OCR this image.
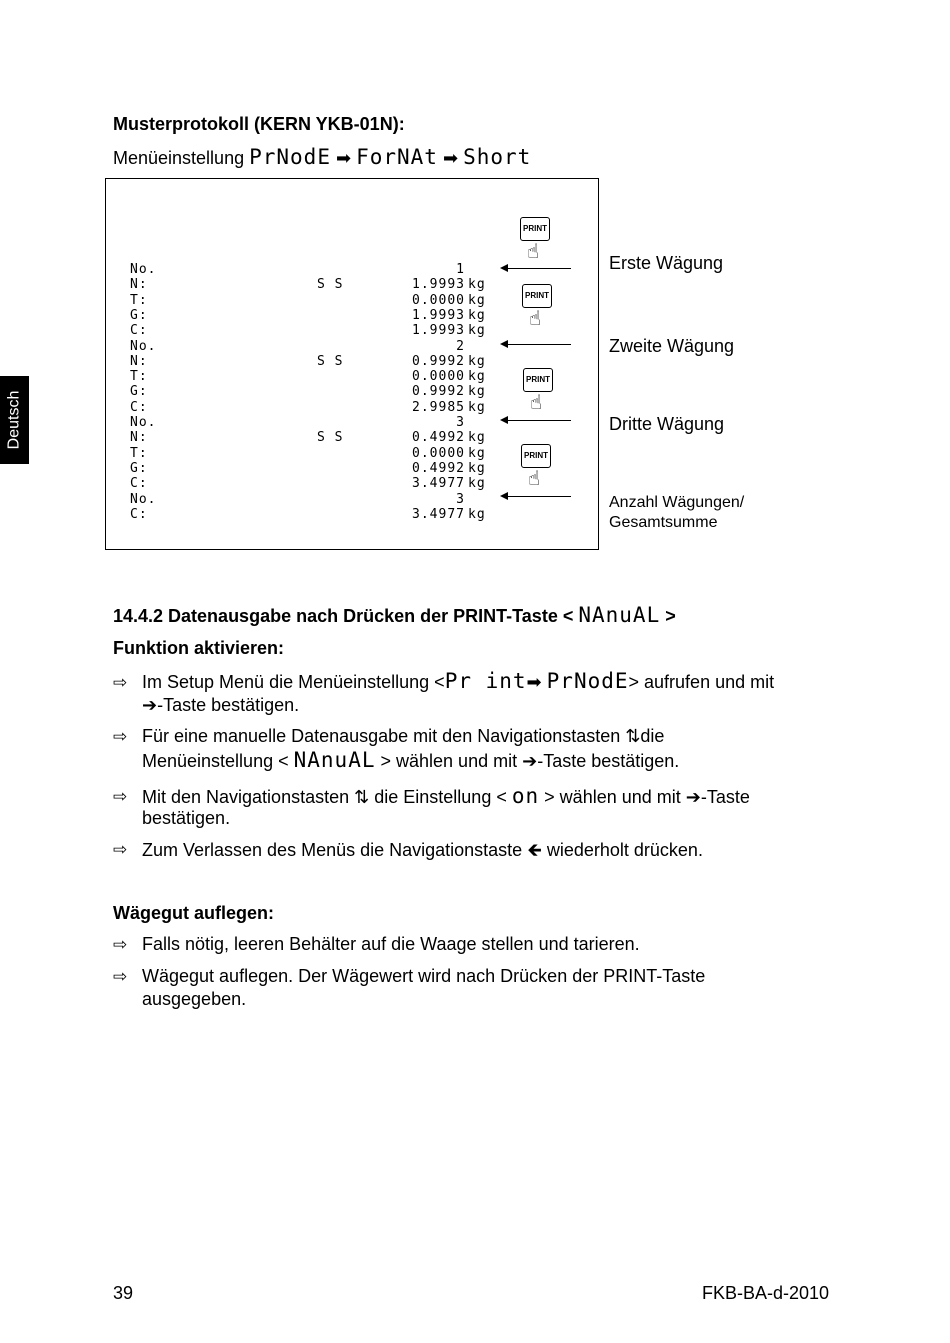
Deutsch
Musterprotokoll (KERN YKB-01N):
Menüeinstellung PrNodE ➡ ForNAt ➡ Short
No.	1
N:	S S	1.9993 kg
T:	0.0000 kg
G:	1.9993 kg
C:	1.9993 kg
No.	2
N:	S S	0.9992 kg
T:	0.0000 kg
G:	0.9992 kg
C:	2.9985 kg
No.	3
N:	S S	0.4992 kg
T:	0.0000 kg
G:	0.4992 kg
C:	3.4977 kg
No.	3
C:	3.4977 kg
PRINT
☝
PRINT
☝
PRINT
☝
PRINT
☝
Erste Wägung
Zweite Wägung
Dritte Wägung
Anzahl Wägungen/
Gesamtsumme
14.4.2 Datenausgabe nach Drücken der PRINT-Taste < NAnuAL >
Funktion aktivieren:
⇨ Im Setup Menü die Menüeinstellung <Pr int➡ PrNodE> aufrufen und mit
➔-Taste bestätigen.
⇨ Für eine manuelle Datenausgabe mit den Navigationstasten ⇅die
Menüeinstellung < NAnuAL > wählen und mit ➔-Taste bestätigen.
⇨ Mit den Navigationstasten ⇅ die Einstellung < on > wählen und mit ➔-Taste
bestätigen.
⇨ Zum Verlassen des Menüs die Navigationstaste 🡸 wiederholt drücken.
Wägegut auflegen:
⇨ Falls nötig, leeren Behälter auf die Waage stellen und tarieren.
⇨ Wägegut auflegen. Der Wägewert wird nach Drücken der PRINT-Taste
ausgegeben.
39	FKB-BA-d-2010
